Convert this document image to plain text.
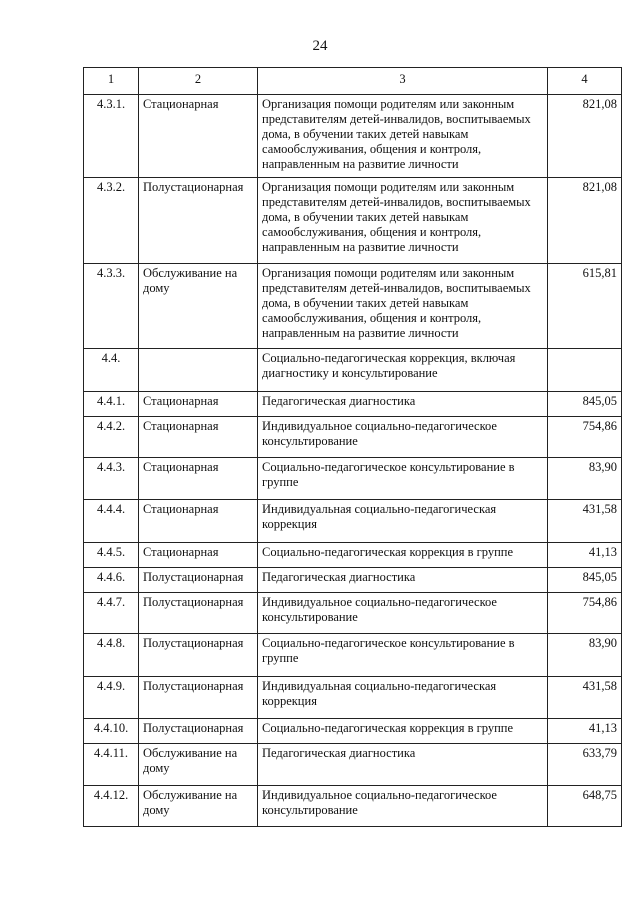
24
1	2	3	4
4.3.1.	Стационарная	Организация помощи родителям или законным представителям детей-инвалидов, воспитываемых дома, в обучении таких детей навыкам самообслуживания, общения и контроля, направленным на развитие личности	821,08
4.3.2.	Полустационарная	Организация помощи родителям или законным представителям детей-инвалидов, воспитываемых дома, в обучении таких детей навыкам самообслуживания, общения и контроля, направленным на развитие личности	821,08
4.3.3.	Обслуживание на дому	Организация помощи родителям или законным представителям детей-инвалидов, воспитываемых дома, в обучении таких детей навыкам самообслуживания, общения и контроля, направленным на развитие личности	615,81
4.4.		Социально-педагогическая коррекция, включая диагностику и консультирование	
4.4.1.	Стационарная	Педагогическая диагностика	845,05
4.4.2.	Стационарная	Индивидуальное социально-педагогическое консультирование	754,86
4.4.3.	Стационарная	Социально-педагогическое консультирование в группе	83,90
4.4.4.	Стационарная	Индивидуальная социально-педагогическая коррекция	431,58
4.4.5.	Стационарная	Социально-педагогическая коррекция в группе	41,13
4.4.6.	Полустационарная	Педагогическая диагностика	845,05
4.4.7.	Полустационарная	Индивидуальное социально-педагогическое консультирование	754,86
4.4.8.	Полустационарная	Социально-педагогическое консультирование в группе	83,90
4.4.9.	Полустационарная	Индивидуальная социально-педагогическая коррекция	431,58
4.4.10.	Полустационарная	Социально-педагогическая коррекция в группе	41,13
4.4.11.	Обслуживание на дому	Педагогическая диагностика	633,79
4.4.12.	Обслуживание на дому	Индивидуальное социально-педагогическое консультирование	648,75
